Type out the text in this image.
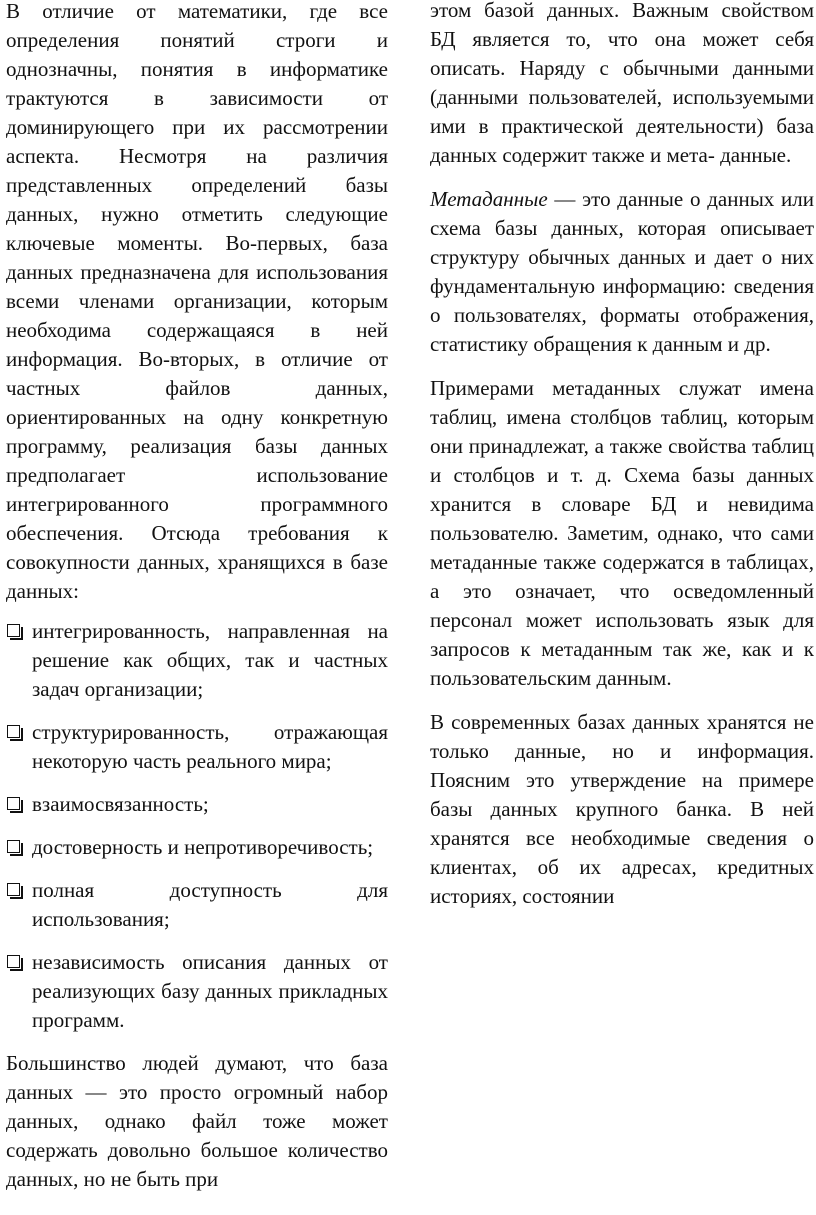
В отличие от математики, где все определения понятий строги и однозначны, понятия в информатике трактуются в зависимости от доминирующего при их рассмотрении аспекта. Несмотря на различия представленных определений базы данных, нужно отметить следующие ключевые моменты. Во-первых, база данных предназначена для использования всеми членами организации, которым необходима содержащаяся в ней информация. Во-вторых, в отличие от частных файлов данных, ориентированных на одну конкретную программу, реализация базы данных предполагает использование интегрированного программного обеспечения. Отсюда требования к совокупности данных, хранящихся в базе данных:

интегрированность, направленная на решение как общих, так и частных задач организации;

структурированность, отражающая некоторую часть реального мира;

взаимосвязанность;

достоверность и непротиворечивость;

полная доступность для использования;

независимость описания данных от реализующих базу данных прикладных программ.

Большинство людей думают, что база данных — это просто огромный набор данных, однако файл тоже может содержать довольно большое количество данных, но не быть при

этом базой данных. Важным свойством БД является то, что она может себя описать. Наряду с обычными данными (данными пользователей, используемыми ими в практической деятельности) база данных содержит также и мета- данные.

Метаданные — это данные о данных или схема базы данных, которая описывает структуру обычных данных и дает о них фундаментальную информацию: сведения о пользователях, форматы отображения, статистику обращения к данным и др.

Примерами метаданных служат имена таблиц, имена столбцов таблиц, которым они принадлежат, а также свойства таблиц и столбцов и т. д. Схема базы данных хранится в словаре БД и невидима пользователю. Заметим, однако, что сами метаданные также содержатся в таблицах, а это означает, что осведомленный персонал может использовать язык для запросов к метаданным так же, как и к пользовательским данным.

В современных базах данных хранятся не только данные, но и информация. Поясним это утверждение на примере базы данных крупного банка. В ней хранятся все необходимые сведения о клиентах, об их адресах, кредитных историях, состоянии
